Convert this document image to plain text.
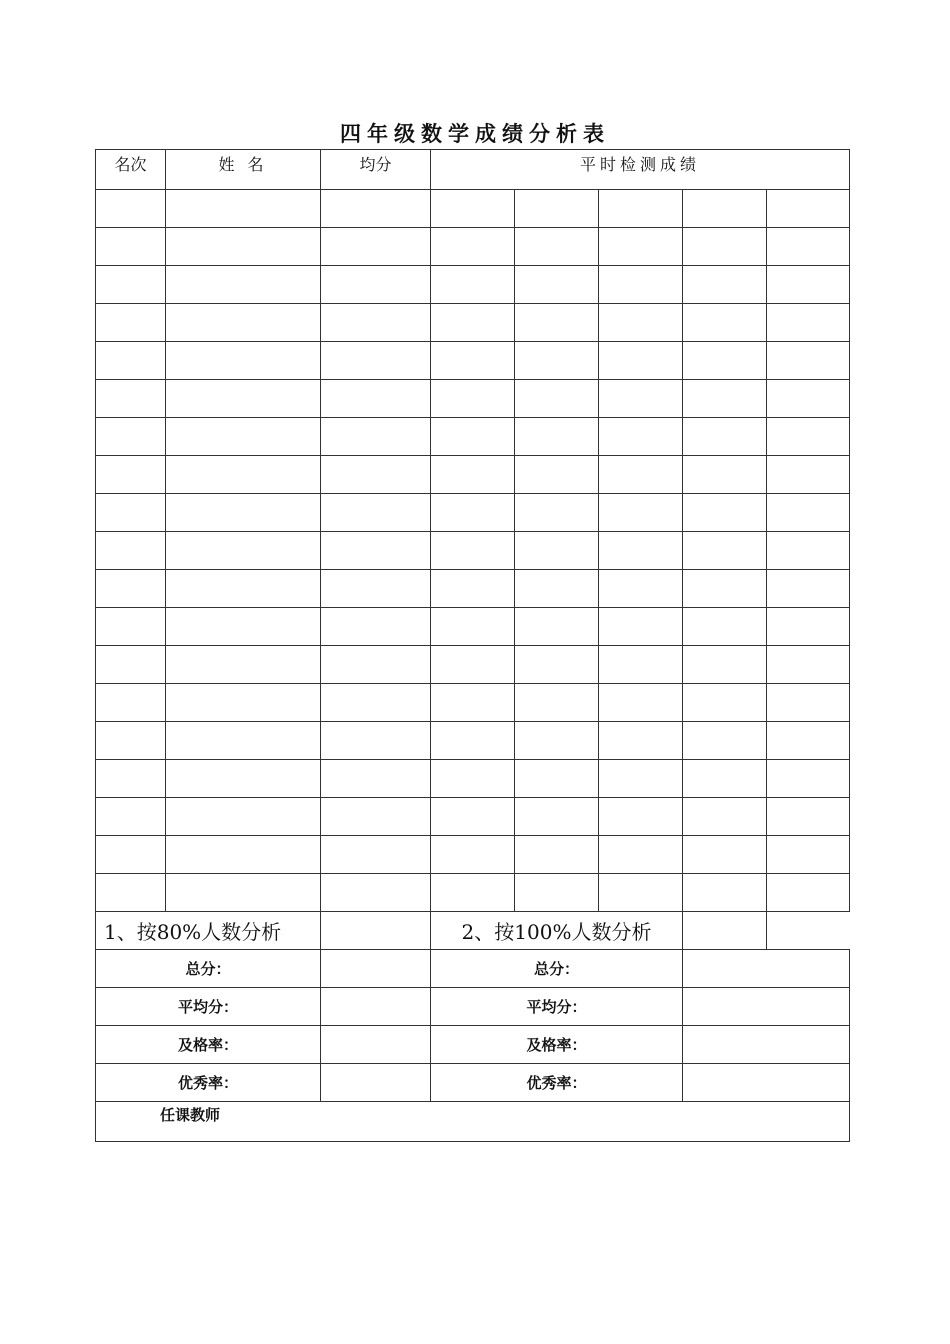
四年级数学成绩分析表
名次	姓 名	均分	平时检测成绩				

1、按80%人数分析			2、按100%人数分析				
总分：			总分：				
平均分：			平均分：				
及格率：			及格率：				
优秀率：			优秀率：				
任课教师							
